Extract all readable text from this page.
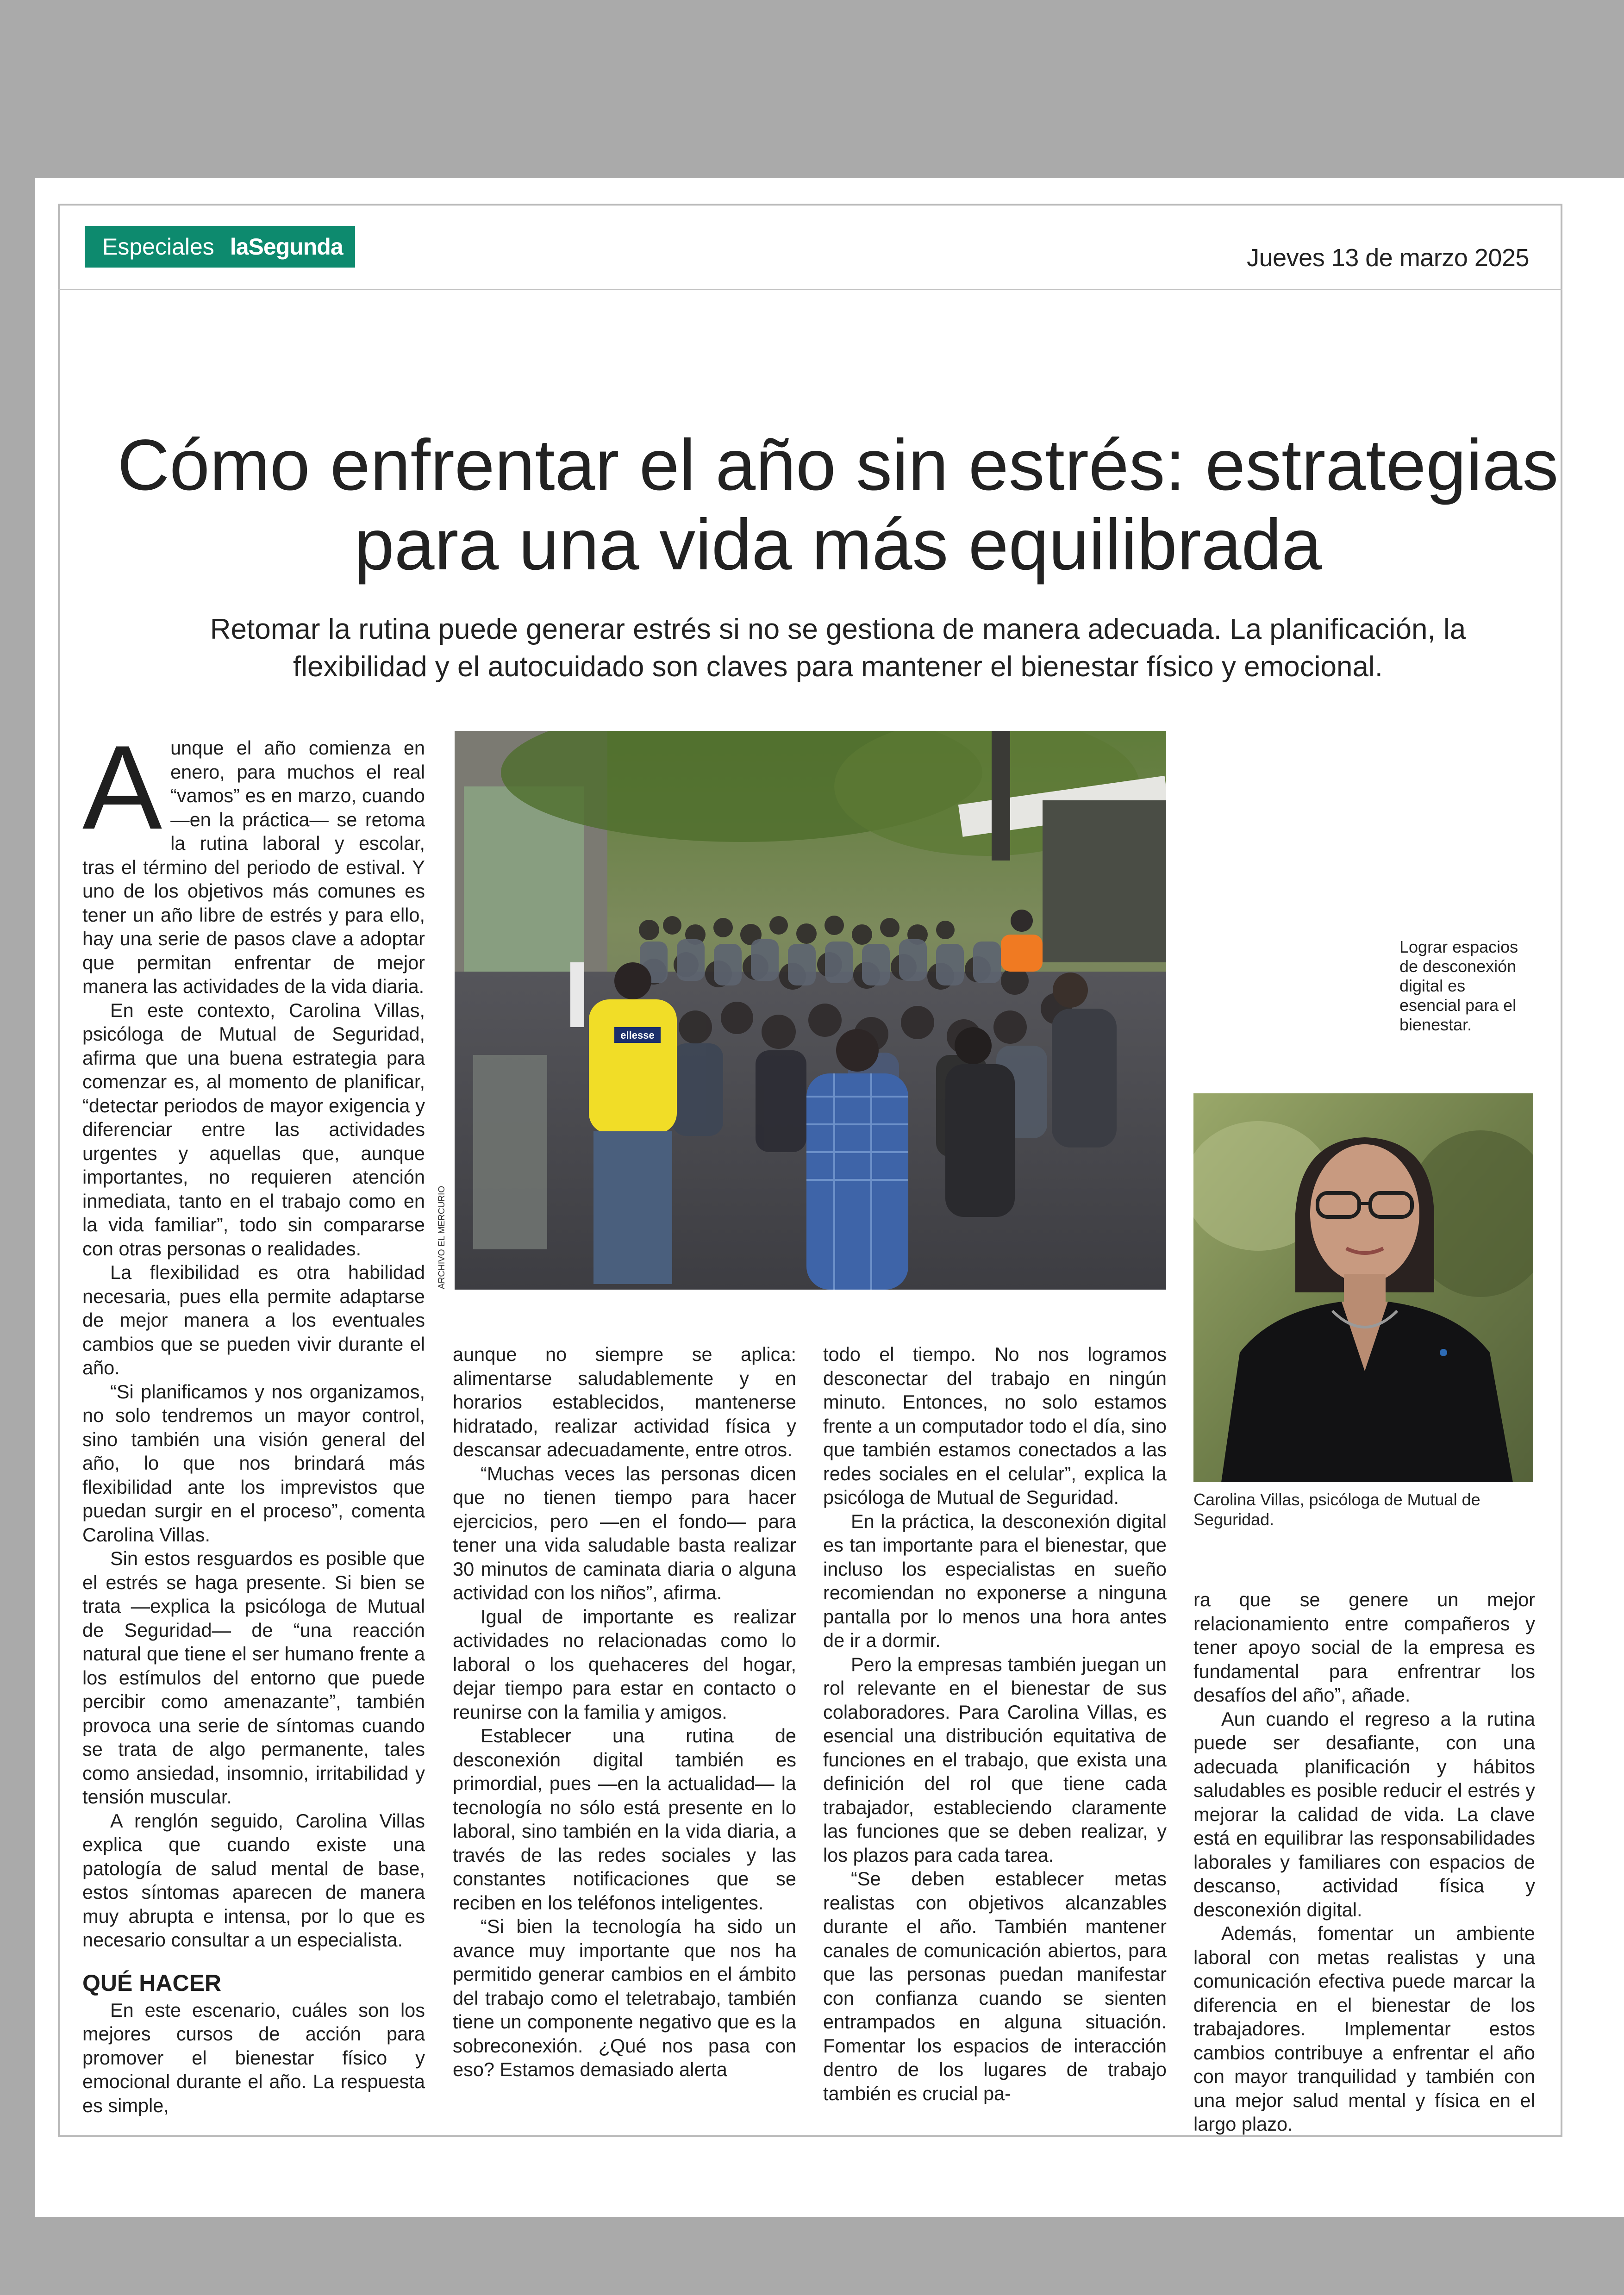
Especiales laSegunda	Jueves 13 de marzo 2025
Cómo enfrentar el año sin estrés: estrategias
para una vida más equilibrada
Retomar la rutina puede generar estrés si no se gestiona de manera adecuada. La planificación, la
flexibilidad y el autocuidado son claves para mantener el bienestar físico y emocional.
ellesse
ARCHIVO EL MERCURIO
Lograr espacios de desconexión digital es esencial para el bienestar.
Carolina Villas, psicóloga de Mutual de Seguridad.

Aunque el año comienza en enero, para muchos el real “vamos” es en marzo, cuando —en la práctica— se retoma la rutina laboral y escolar, tras el término del periodo de estival. Y uno de los objetivos más comunes es tener un año libre de estrés y para ello, hay una serie de pasos clave a adoptar que permitan enfrentar de mejor manera las actividades de la vida diaria.

En este contexto, Carolina Villas, psicóloga de Mutual de Seguridad, afirma que una buena estrategia para comenzar es, al momento de planificar, “detectar periodos de mayor exigencia y diferenciar entre las actividades urgentes y aquellas que, aunque importantes, no requieren atención inmediata, tanto en el trabajo como en la vida familiar”, todo sin compararse con otras personas o realidades.

La flexibilidad es otra habilidad necesaria, pues ella permite adaptarse de mejor manera a los eventuales cambios que se pueden vivir durante el año.

“Si planificamos y nos organizamos, no solo tendremos un mayor control, sino también una visión general del año, lo que nos brindará más flexibilidad ante los imprevistos que puedan surgir en el proceso”, comenta Carolina Villas.

Sin estos resguardos es posible que el estrés se haga presente. Si bien se trata —explica la psicóloga de Mutual de Seguridad— de “una reacción natural que tiene el ser humano frente a los estímulos del entorno que puede percibir como amenazante”, también provoca una serie de síntomas cuando se trata de algo permanente, tales como ansiedad, insomnio, irritabilidad y tensión muscular.

A renglón seguido, Carolina Villas explica que cuando existe una patología de salud mental de base, estos síntomas aparecen de manera muy abrupta e intensa, por lo que es necesario consultar a un especialista.

QUÉ HACER

En este escenario, cuáles son los mejores cursos de acción para promover el bienestar físico y emocional durante el año. La respuesta es simple,

aunque no siempre se aplica: alimentarse saludablemente y en horarios establecidos, mantenerse hidratado, realizar actividad física y descansar adecuadamente, entre otros.

“Muchas veces las personas dicen que no tienen tiempo para hacer ejercicios, pero —en el fondo— para tener una vida saludable basta realizar 30 minutos de caminata diaria o alguna actividad con los niños”, afirma.

Igual de importante es realizar actividades no relacionadas como lo laboral o los quehaceres del hogar, dejar tiempo para estar en contacto o reunirse con la familia y amigos.

Establecer una rutina de desconexión digital también es primordial, pues —en la actualidad— la tecnología no sólo está presente en lo laboral, sino también en la vida diaria, a través de las redes sociales y las constantes notificaciones que se reciben en los teléfonos inteligentes.

“Si bien la tecnología ha sido un avance muy importante que nos ha permitido generar cambios en el ámbito del trabajo como el teletrabajo, también tiene un componente negativo que es la sobreconexión. ¿Qué nos pasa con eso? Estamos demasiado alerta

todo el tiempo. No nos logramos desconectar del trabajo en ningún minuto. Entonces, no solo estamos frente a un computador todo el día, sino que también estamos conectados a las redes sociales en el celular”, explica la psicóloga de Mutual de Seguridad.

En la práctica, la desconexión digital es tan importante para el bienestar, que incluso los especialistas en sueño recomiendan no exponerse a ninguna pantalla por lo menos una hora antes de ir a dormir.

Pero la empresas también juegan un rol relevante en el bienestar de sus colaboradores. Para Carolina Villas, es esencial una distribución equitativa de funciones en el trabajo, que exista una definición del rol que tiene cada trabajador, estableciendo claramente las funciones que se deben realizar, y los plazos para cada tarea.

“Se deben establecer metas realistas con objetivos alcanzables durante el año. También mantener canales de comunicación abiertos, para que las personas puedan manifestar con confianza cuando se sienten entrampados en alguna situación. Fomentar los espacios de interacción dentro de los lugares de trabajo también es crucial pa-

ra que se genere un mejor relacionamiento entre compañeros y tener apoyo social de la empresa es fundamental para enfrentrar los desafíos del año”, añade.

Aun cuando el regreso a la rutina puede ser desafiante, con una adecuada planificación y hábitos saludables es posible reducir el estrés y mejorar la calidad de vida. La clave está en equilibrar las responsabilidades laborales y familiares con espacios de descanso, actividad física y desconexión digital.

Además, fomentar un ambiente laboral con metas realistas y una comunicación efectiva puede marcar la diferencia en el bienestar de los trabajadores. Implementar estos cambios contribuye a enfrentar el año con mayor tranquilidad y también con una mejor salud mental y física en el largo plazo.
